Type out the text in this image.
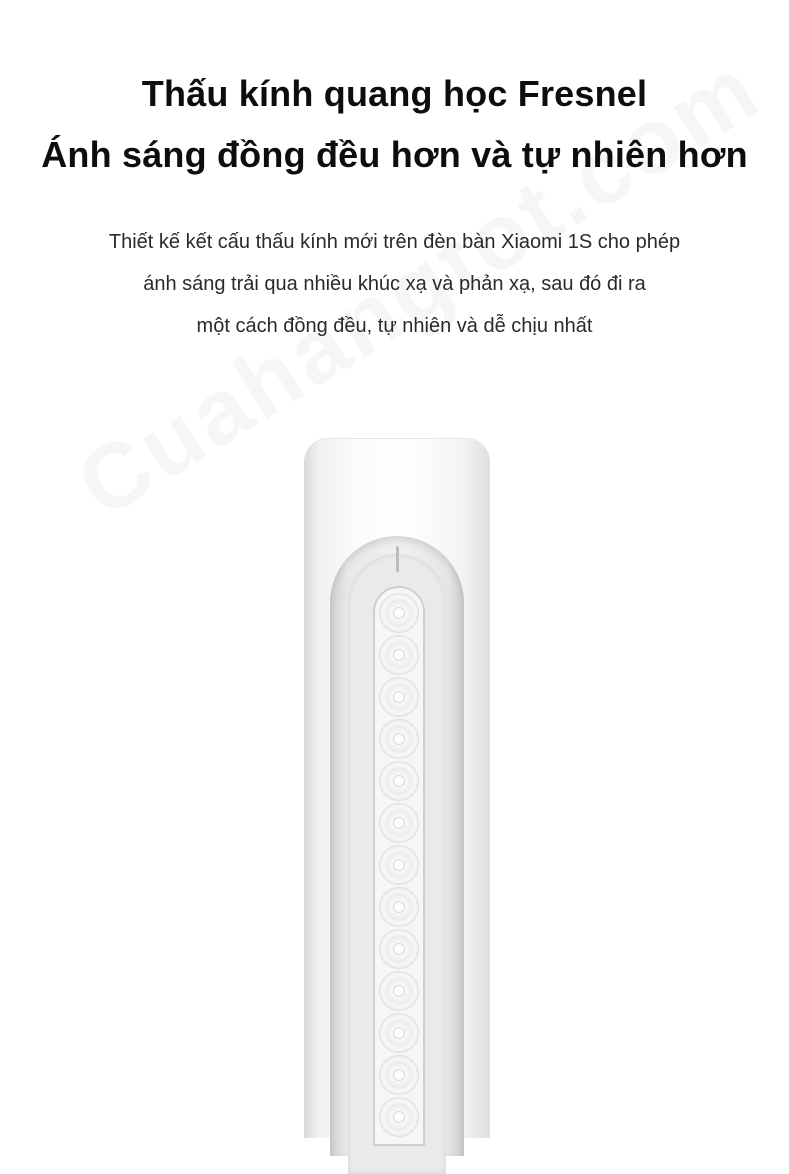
Thấu kính quang học Fresnel
Ánh sáng đồng đều hơn và tự nhiên hơn
Thiết kế kết cấu thấu kính mới trên đèn bàn Xiaomi 1S cho phép
ánh sáng trải qua nhiều khúc xạ và phản xạ, sau đó đi ra
một cách đồng đều, tự nhiên và dễ chịu nhất
